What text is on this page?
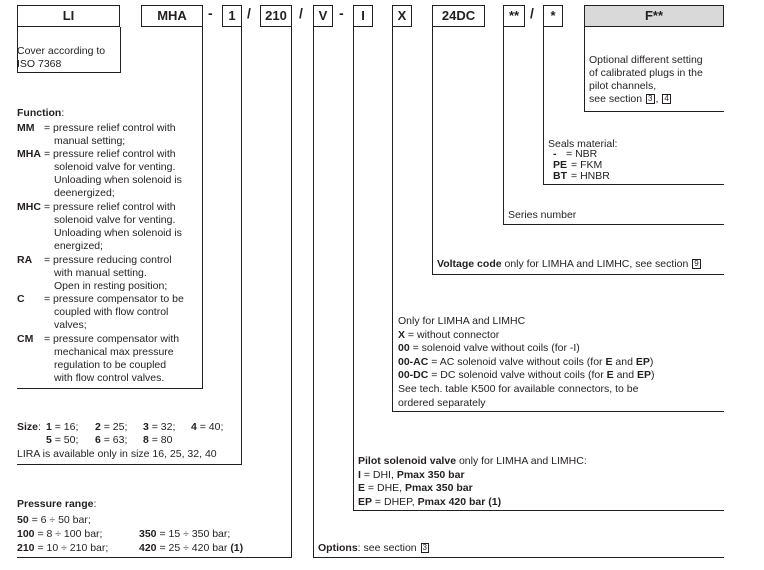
LI	MHA	-	1 /	210 /	V -	I	X	24DC	** /	*	F**
Cover according to
ISO 7368	Optional different setting
of calibrated plugs in the
pilot channels,
see section 3 , 4
Seals material:
- = NBR
PE = FKM
BT = HNBR
Series number
Voltage code only for LIMHA and LIMHC, see section 9
Function:
MM = pressure relief control with
manual setting;
MHA = pressure relief control with
solenoid valve for venting.
Unloading when solenoid is
deenergized;
MHC = pressure relief control with
solenoid valve for venting.
Unloading when solenoid is
energized;
RA = pressure reducing control
with manual setting.
Open in resting position;
C = pressure compensator to be
coupled with flow control
valves;
CM = pressure compensator with
mechanical max pressure
regulation to be coupled
with flow control valves.
Only for LIMHA and LIMHC
X = without connector
00 = solenoid valve without coils (for -I)
00-AC = AC solenoid valve without coils (for E and EP)
00-DC = DC solenoid valve without coils (for E and EP)
See tech. table K500 for available connectors, to be
ordered separately
Size: 1 = 16; 2 = 25; 3 = 32; 4 = 40;
5 = 50; 6 = 63; 8 = 80
LIRA is available only in size 16, 25, 32, 40
Pilot solenoid valve only for LIMHA and LIMHC:
I = DHI, Pmax 350 bar
E = DHE, Pmax 350 bar
EP = DHEP, Pmax 420 bar (1)
Pressure range:
50 = 6 ÷ 50 bar;
100 = 8 ÷ 100 bar;	350 = 15 ÷ 350 bar;
210 = 10 ÷ 210 bar;	420 = 25 ÷ 420 bar (1)	Options: see section 3
